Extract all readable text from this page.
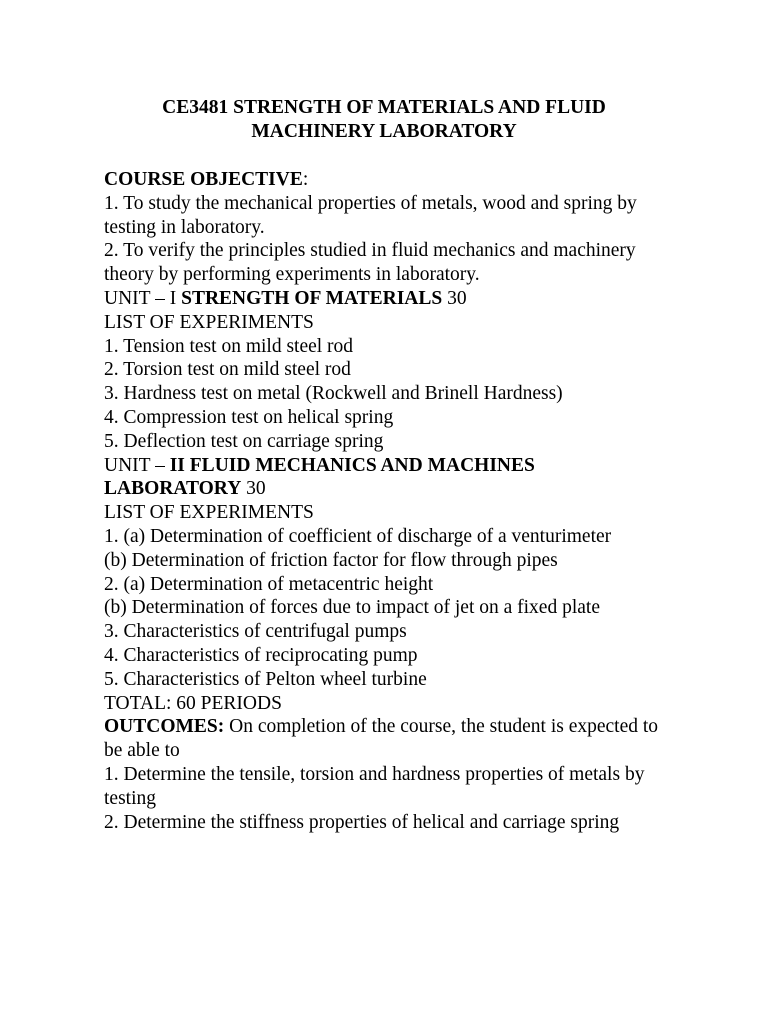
CE3481 STRENGTH OF MATERIALS AND FLUID
MACHINERY LABORATORY
COURSE OBJECTIVE:
1. To study the mechanical properties of metals, wood and spring by testing in laboratory.
2. To verify the principles studied in fluid mechanics and machinery theory by performing experiments in laboratory.
UNIT – I STRENGTH OF MATERIALS 30
LIST OF EXPERIMENTS
1. Tension test on mild steel rod
2. Torsion test on mild steel rod
3. Hardness test on metal (Rockwell and Brinell Hardness)
4. Compression test on helical spring
5. Deflection test on carriage spring
UNIT – II FLUID MECHANICS AND MACHINES LABORATORY 30
LIST OF EXPERIMENTS
1. (a) Determination of coefficient of discharge of a venturimeter
(b) Determination of friction factor for flow through pipes
2. (a) Determination of metacentric height
(b) Determination of forces due to impact of jet on a fixed plate
3. Characteristics of centrifugal pumps
4. Characteristics of reciprocating pump
5. Characteristics of Pelton wheel turbine
TOTAL: 60 PERIODS
OUTCOMES: On completion of the course, the student is expected to be able to
1. Determine the tensile, torsion and hardness properties of metals by testing
2. Determine the stiffness properties of helical and carriage spring
